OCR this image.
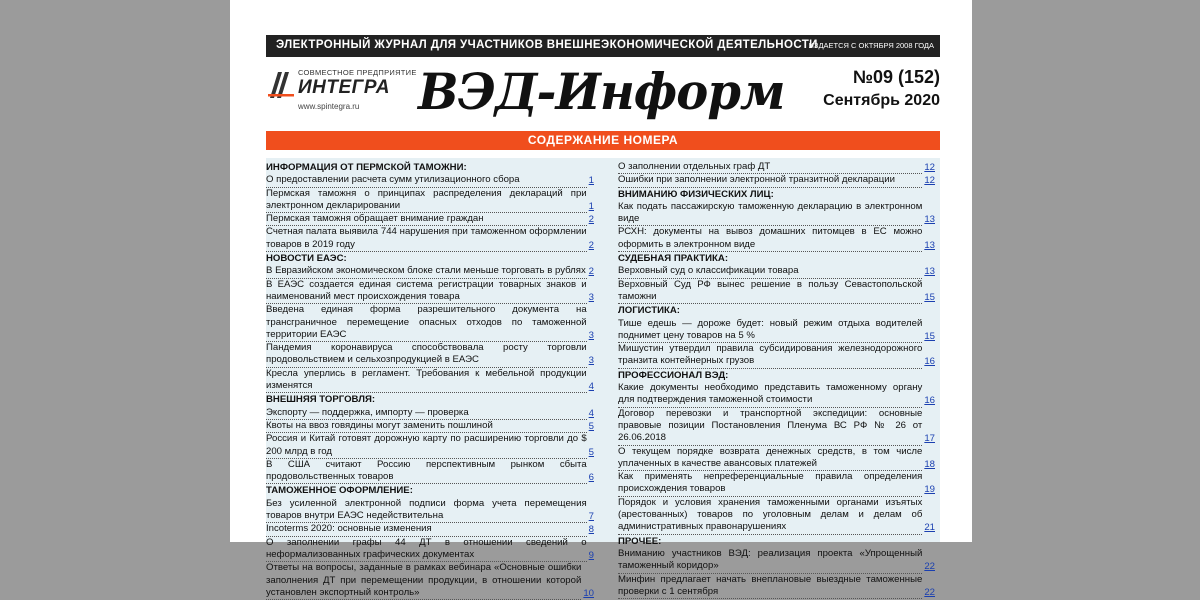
ЭЛЕКТРОННЫЙ ЖУРНАЛ ДЛЯ УЧАСТНИКОВ ВНЕШНЕЭКОНОМИЧЕСКОЙ ДЕЯТЕЛЬНОСТИ
ИЗДАЕТСЯ С ОКТЯБРЯ 2008 ГОДА
СОВМЕСТНОЕ ПРЕДПРИЯТИЕ
ИНТЕГРА
www.spintegra.ru ВЭД-Информ	№09 (152)
Сентябрь 2020
СОДЕРЖАНИЕ НОМЕРА
ИНФОРМАЦИЯ ОТ ПЕРМСКОЙ ТАМОЖНИ:
О предоставлении расчета сумм утилизационного сбора	1
Пермская таможня о принципах распределения деклараций при электронном декларировании	1
Пермская таможня обращает внимание граждан	2
Счетная палата выявила 744 нарушения при таможенном оформлении товаров в 2019 году	2
НОВОСТИ ЕАЭС:
В Евразийском экономическом блоке стали меньше торговать в рублях 2
В ЕАЭС создается единая система регистрации товарных знаков и наименований мест происхождения товара	3
Введена единая форма разрешительного документа на трансграничное перемещение опасных отходов по таможенной территории ЕАЭС	3
Пандемия коронавируса способствовала росту торговли продовольствием и сельхозпродукцией в ЕАЭС	3
Кресла уперлись в регламент. Требования к мебельной продукции изменятся	4
ВНЕШНЯЯ ТОРГОВЛЯ:
Экспорту — поддержка, импорту — проверка	4
Квоты на ввоз говядины могут заменить пошлиной	5
Россия и Китай готовят дорожную карту по расширению торговли до $ 200 млрд в год	5
В США считают Россию перспективным рынком сбыта продовольственных товаров	6
ТАМОЖЕННОЕ ОФОРМЛЕНИЕ:
Без усиленной электронной подписи форма учета перемещения товаров внутри ЕАЭС недействительна	7
Incoterms 2020: основные изменения	8
О заполнении графы 44 ДТ в отношении сведений о неформализованных графических документах	9
Ответы на вопросы, заданные в рамках вебинара «Основные ошибки заполнения ДТ при перемещении продукции, в отношении которой установлен экспортный контроль»	10
О заполнении отдельных граф ДТ	12
Ошибки при заполнении электронной транзитной декларации	12
ВНИМАНИЮ ФИЗИЧЕСКИХ ЛИЦ:
Как подать пассажирскую таможенную декларацию в электронном виде	13
РСХН: документы на вывоз домашних питомцев в ЕС можно оформить в электронном виде	13
СУДЕБНАЯ ПРАКТИКА:
Верховный суд о классификации товара	13
Верховный Суд РФ вынес решение в пользу Севастопольской таможни	15
ЛОГИСТИКА:
Тише едешь — дороже будет: новый режим отдыха водителей поднимет цену товаров на 5 %	15
Мишустин утвердил правила субсидирования железнодорожного транзита контейнерных грузов	16
ПРОФЕССИОНАЛ ВЭД:
Какие документы необходимо представить таможенному органу для подтверждения таможенной стоимости	16
Договор перевозки и транспортной экспедиции: основные правовые позиции Постановления Пленума ВС РФ № 26 от 26.06.2018	17
О текущем порядке возврата денежных средств, в том числе уплаченных в качестве авансовых платежей	18
Как применять непреференциальные правила определения происхождения товаров	19
Порядок и условия хранения таможенными органами изъятых (арестованных) товаров по уголовным делам и делам об административных правонарушениях	21
ПРОЧЕЕ:
Вниманию участников ВЭД: реализация проекта «Упрощенный таможенный коридор»	22
Минфин предлагает начать внеплановые выездные таможенные проверки с 1 сентября	22
